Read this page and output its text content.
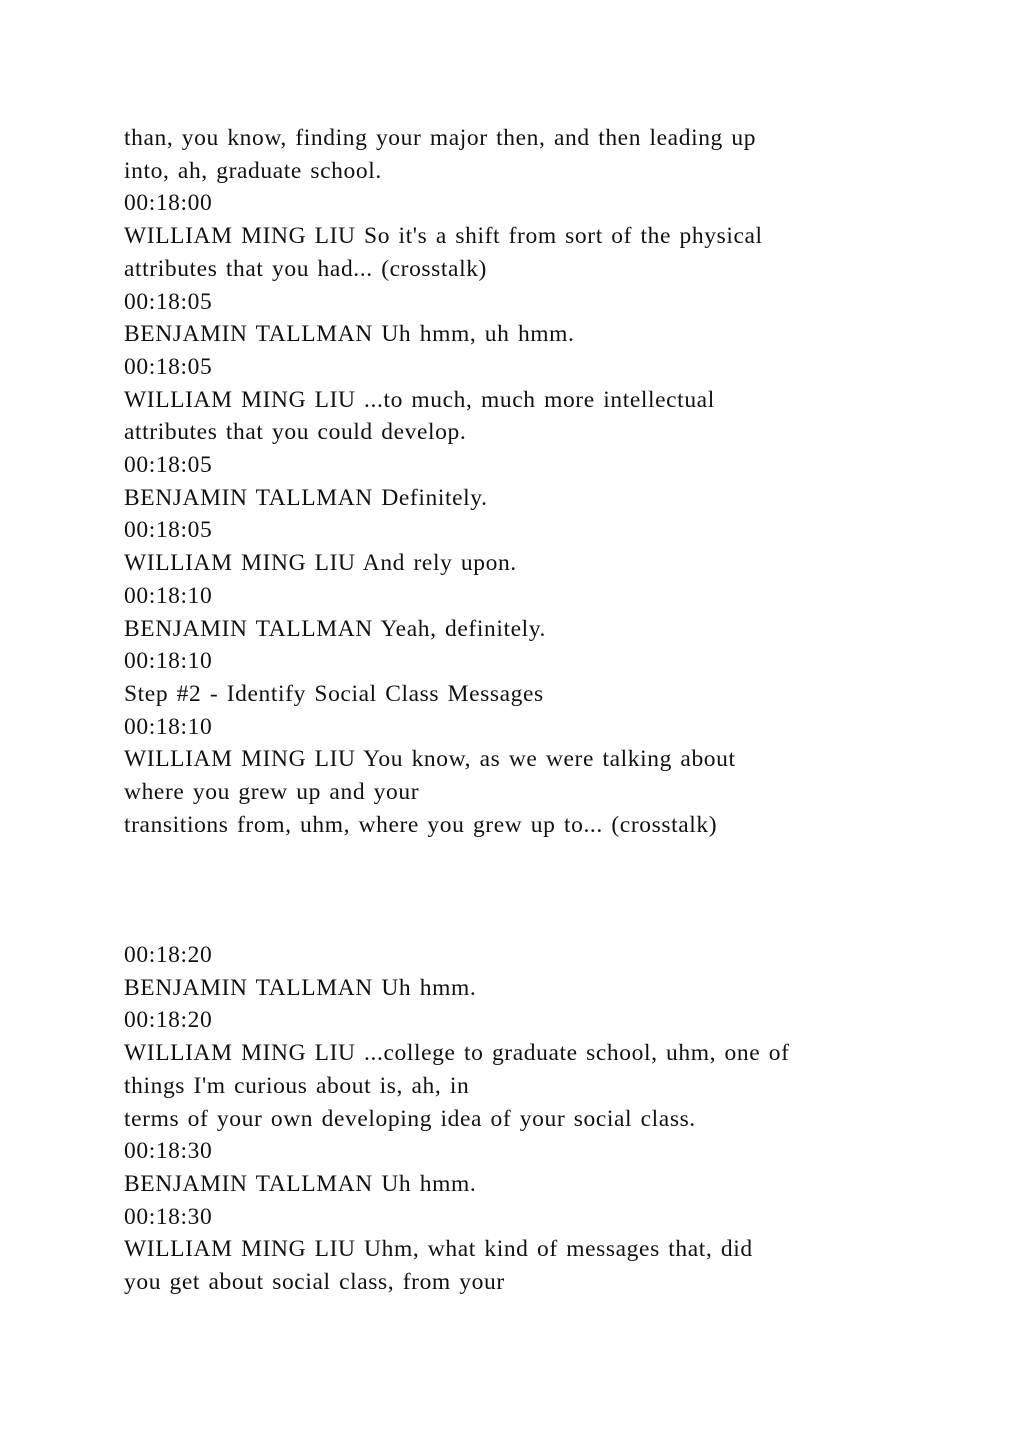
than, you know, finding your major then, and then leading up
into, ah, graduate school.
00:18:00
WILLIAM MING LIU So it's a shift from sort of the physical
attributes that you had... (crosstalk)
00:18:05
BENJAMIN TALLMAN Uh hmm, uh hmm.
00:18:05
WILLIAM MING LIU ...to much, much more intellectual
attributes that you could develop.
00:18:05
BENJAMIN TALLMAN Definitely.
00:18:05
WILLIAM MING LIU And rely upon.
00:18:10
BENJAMIN TALLMAN Yeah, definitely.
00:18:10
Step #2 - Identify Social Class Messages
00:18:10
WILLIAM MING LIU You know, as we were talking about
where you grew up and your
transitions from, uhm, where you grew up to... (crosstalk)
00:18:20
BENJAMIN TALLMAN Uh hmm.
00:18:20
WILLIAM MING LIU ...college to graduate school, uhm, one of
things I'm curious about is, ah, in
terms of your own developing idea of your social class.
00:18:30
BENJAMIN TALLMAN Uh hmm.
00:18:30
WILLIAM MING LIU Uhm, what kind of messages that, did
you get about social class, from your
